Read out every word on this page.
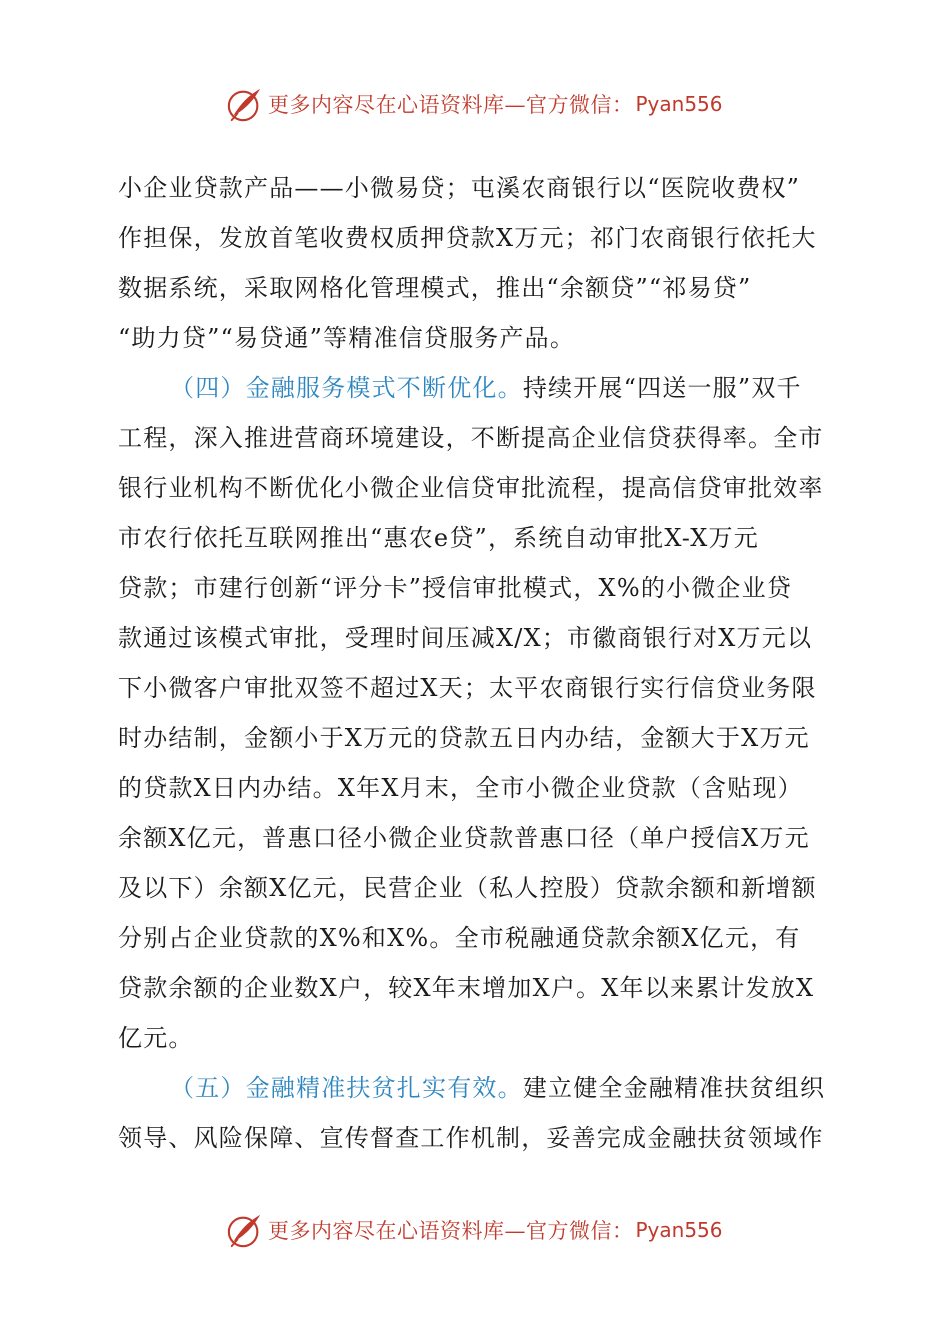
更多内容尽在心语资料库—官方微信： Pyan556
小企业贷款产品——小微易贷；屯溪农商银行以“医院收费权”
作担保，发放首笔收费权质押贷款X万元；祁门农商银行依托大
数据系统，采取网格化管理模式，推出“余额贷”“祁易贷”
“助力贷”“易贷通”等精准信贷服务产品。
（四）金融服务模式不断优化。持续开展“四送一服”双千
工程，深入推进营商环境建设，不断提高企业信贷获得率。全市
银行业机构不断优化小微企业信贷审批流程，提高信贷审批效率
市农行依托互联网推出“惠农e贷”，系统自动审批X-X万元
贷款；市建行创新“评分卡”授信审批模式，X%的小微企业贷
款通过该模式审批，受理时间压减X/X；市徽商银行对X万元以
下小微客户审批双签不超过X天；太平农商银行实行信贷业务限
时办结制，金额小于X万元的贷款五日内办结，金额大于X万元
的贷款X日内办结。X年X月末，全市小微企业贷款（含贴现）
余额X亿元，普惠口径小微企业贷款普惠口径（单户授信X万元
及以下）余额X亿元，民营企业（私人控股）贷款余额和新增额
分别占企业贷款的X%和X%。全市税融通贷款余额X亿元，有
贷款余额的企业数X户，较X年末增加X户。X年以来累计发放X
亿元。
（五）金融精准扶贫扎实有效。建立健全金融精准扶贫组织
领导、风险保障、宣传督查工作机制，妥善完成金融扶贫领域作
更多内容尽在心语资料库—官方微信： Pyan556
